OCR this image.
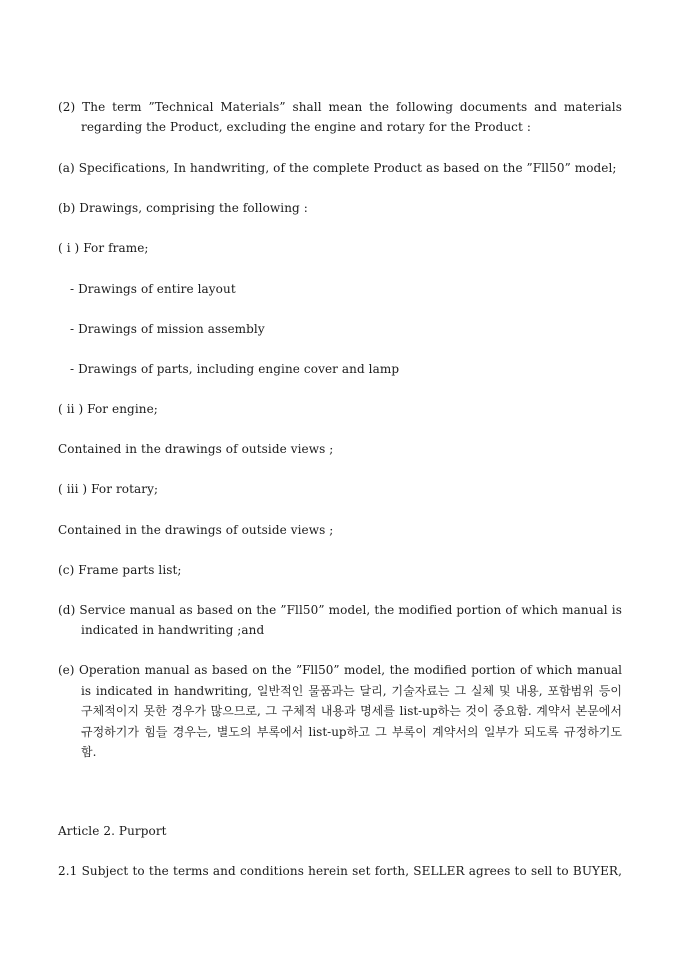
(2) The term ”Technical Materials” shall mean the following documents and materials regarding the Product, excluding the engine and rotary for the Product :
(a) Specifications, In handwriting, of the complete Product as based on the ”Fll50” model;
(b) Drawings, comprising the following :
( i ) For frame;
- Drawings of entire layout
- Drawings of mission assembly
- Drawings of parts, including engine cover and lamp
( ii ) For engine;
Contained in the drawings of outside views ;
( iii ) For rotary;
Contained in the drawings of outside views ;
(c) Frame parts list;
(d) Service manual as based on the ”Fll50” model, the modified portion of which manual is indicated in handwriting ;and
(e) Operation manual as based on the ”Fll50” model, the modified portion of which manual is indicated in handwriting, 일반적인 물품과는 달리, 기술자료는 그 실체 및 내용, 포함범위 등이 구체적이지 못한 경우가 많으므로, 그 구체적 내용과 명세를 list-up하는 것이 중요함. 계약서 본문에서 규정하기가 힘들 경우는, 별도의 부록에서 list-up하고 그 부록이 계약서의 일부가 되도록 규정하기도 함.
Article 2. Purport
2.1 Subject to the terms and conditions herein set forth, SELLER agrees to sell to BUYER,
